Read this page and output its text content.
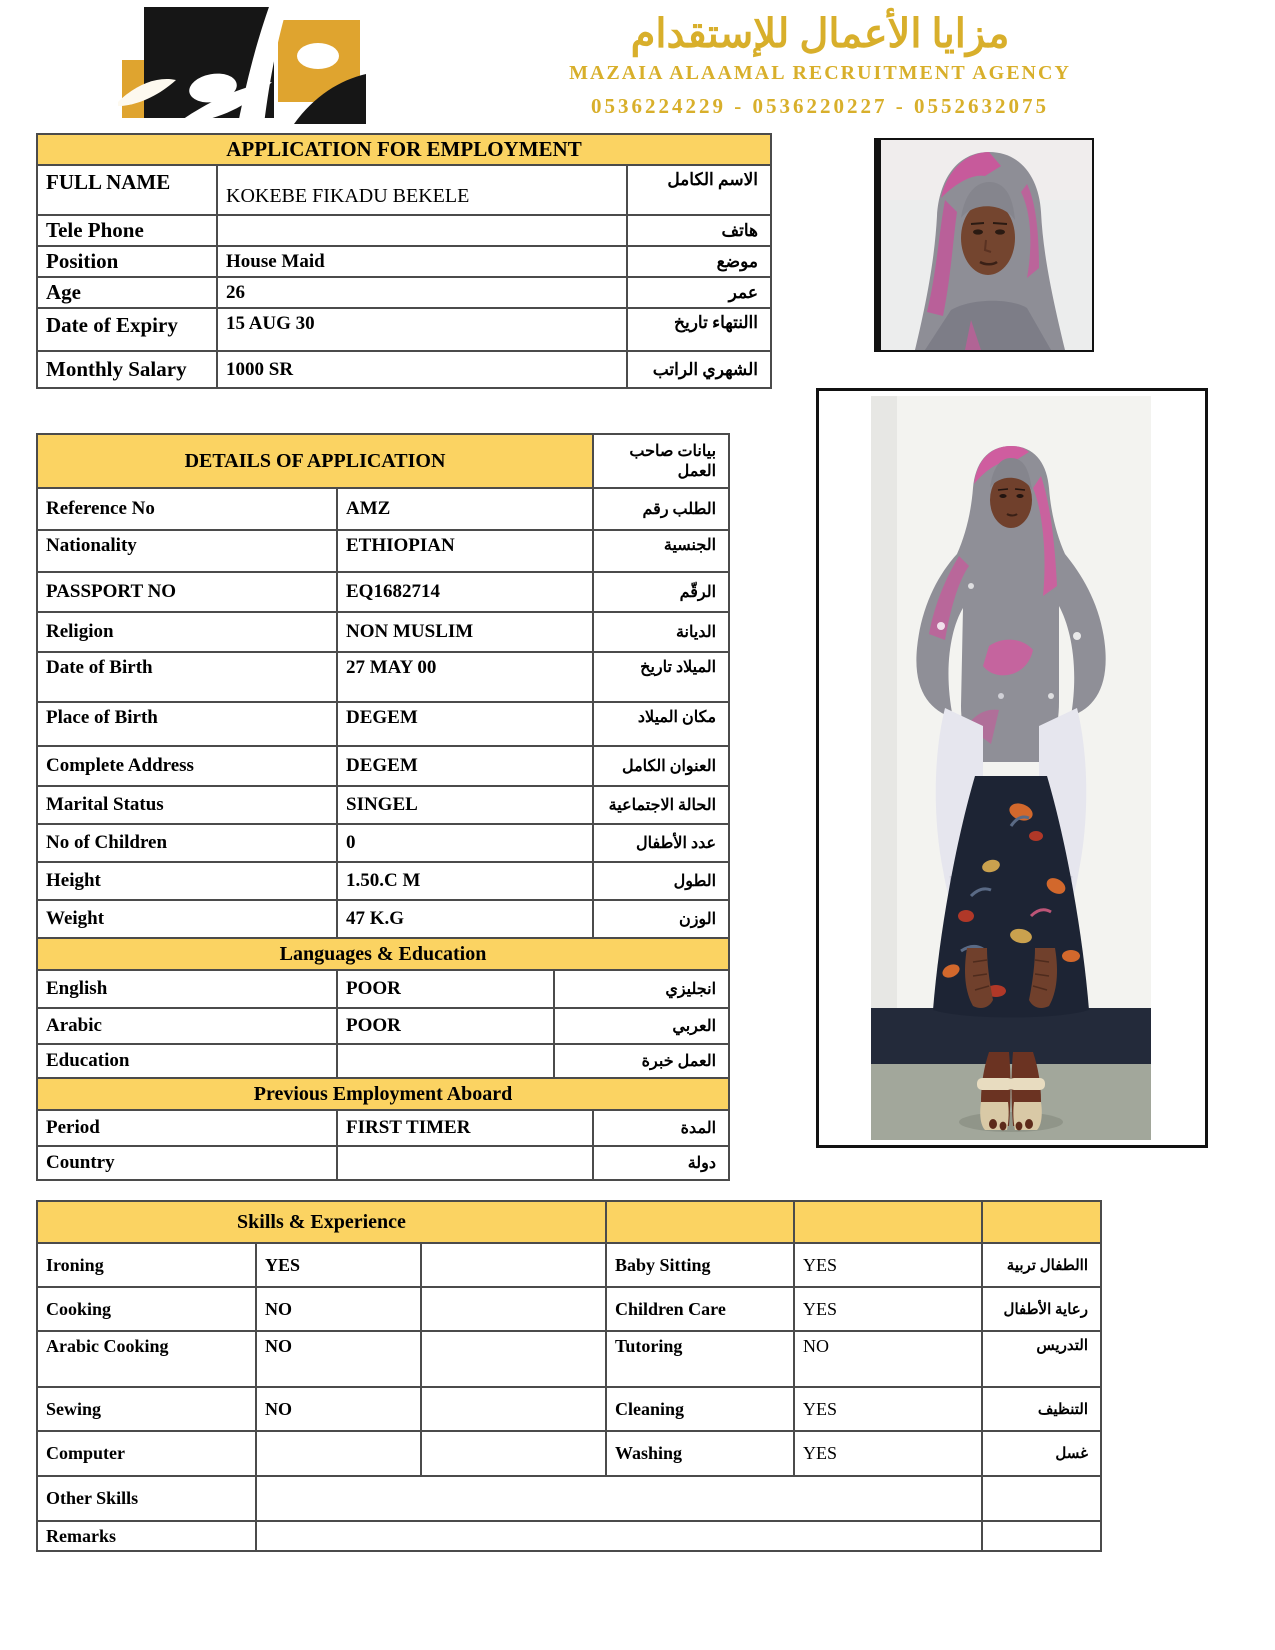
مزايا الأعمال للإستقدام
MAZAIA ALAAMAL RECRUITMENT AGENCY
0536224229 - 0536220227 - 0552632075
APPLICATION FOR EMPLOYMENT		
FULL NAME	KOKEBE FIKADU BEKELE	الاسم الكامل
Tele Phone		هاتف
Position	House Maid	موضع
Age	26	عمر
Date of Expiry	15 AUG 30	االنتهاء تاريخ
Monthly Salary	1000 SR	الشهري الراتب
DETAILS OF APPLICATION			بيانات صاحب العمل
Reference No	AMZ		الطلب رقم
Nationality	ETHIOPIAN		الجنسية
PASSPORT NO	EQ1682714		الرقّم
Religion	NON MUSLIM		الديانة
Date of Birth	27 MAY 00		الميلاد تاريخ
Place of Birth	DEGEM		مكان الميلاد
Complete Address	DEGEM		العنوان الكامل
Marital Status	SINGEL		الحالة الاجتماعية
No of Children	0		عدد الأطفال
Height	1.50.C M		الطول
Weight	47 K.G		الوزن
Languages & Education			
English	POOR	انجليزي	
Arabic	POOR	العربي	
Education		العمل خبرة	
Previous Employment Aboard			
Period	FIRST TIMER		المدة
Country			دولة
Skills & Experience					
Ironing	YES		Baby Sitting	YES	االطفال تربية
Cooking	NO		Children Care	YES	رعاية الأطفال
Arabic Cooking	NO		Tutoring	NO	التدريس
Sewing	NO		Cleaning	YES	التنظيف
Computer			Washing	YES	غسل
Other Skills					
Remarks					
